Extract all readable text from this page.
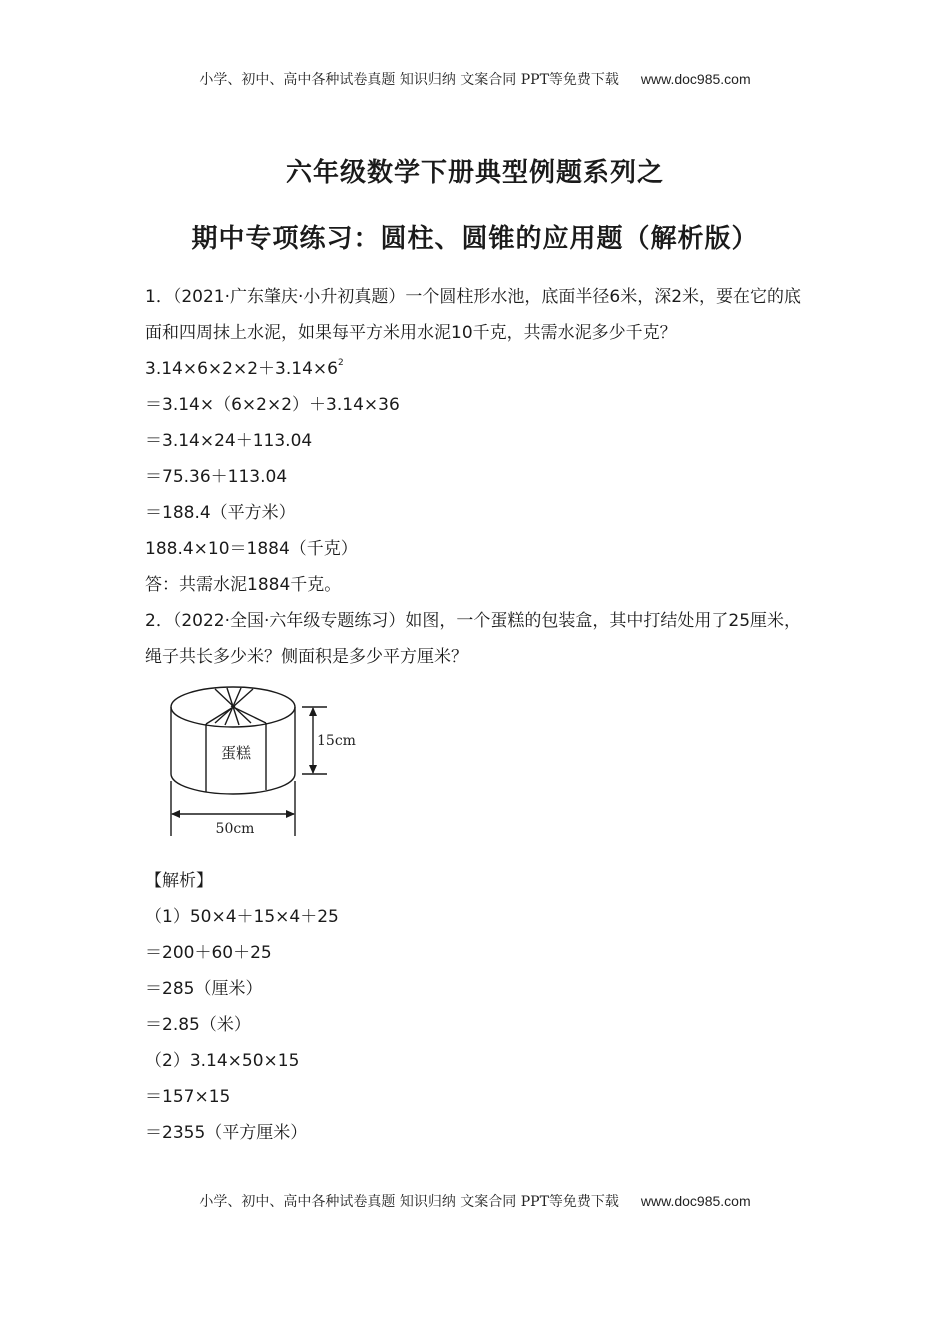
小学、初中、高中各种试卷真题 知识归纳 文案合同 PPT等免费下载 www.doc985.com
六年级数学下册典型例题系列之
期中专项练习：圆柱、圆锥的应用题（解析版）
1．（2021·广东肇庆·小升初真题）一个圆柱形水池，底面半径6米，深2米，要在它的底面和四周抹上水泥，如果每平方米用水泥10千克，共需水泥多少千克？
$3.14\times 6\times 2\times 2+3.14\times 6^2$
＝3.14×（6×2×2）＋3.14×36
＝3.14×24＋113.04
＝75.36＋113.04
＝188.4（平方米）
188.4×10＝1884（千克）
答：共需水泥1884千克。
2．（2022·全国·六年级专题练习）如图，一个蛋糕的包装盒，其中打结处用了25厘米，绳子共长多少米？侧面积是多少平方厘米？
蛋糕
15cm
50cm
【解析】
（1）50×4＋15×4＋25
＝200＋60＋25
＝285（厘米）
＝2.85（米）
（2）3.14×50×15
＝157×15
＝2355（平方厘米）
小学、初中、高中各种试卷真题 知识归纳 文案合同 PPT等免费下载 www.doc985.com
